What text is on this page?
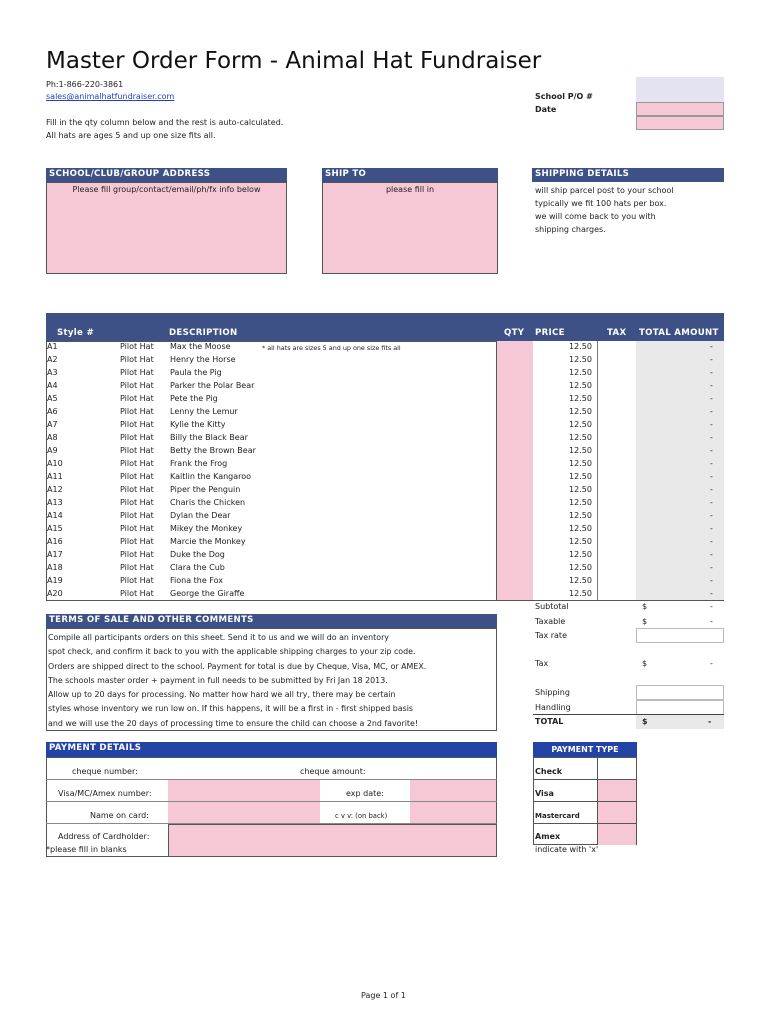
Master Order Form - Animal Hat Fundraiser
Ph:1-866-220-3861
sales@animalhatfundraiser.com
Fill in the qty column below and the rest is auto-calculated.
All hats are ages 5 and up one size fits all.
School P/O #
Date
SCHOOL/CLUB/GROUP ADDRESS
Please fill group/contact/email/ph/fx info below
SHIP TO
please fill in
SHIPPING DETAILS
will ship parcel post to your school
typically we fit 100 hats per box.
we will come back to you with
shipping charges.
Style #	DESCRIPTION	QTY PRICE	TAX TOTAL AMOUNT
* all hats are sizes 5 and up one size fits all
A1	Pilot Hat Max the Moose	12.50	-
A2	Pilot Hat Henry the Horse	12.50	-
A3	Pilot Hat Paula the Pig	12.50	-
A4	Pilot Hat Parker the Polar Bear	12.50	-
A5	Pilot Hat Pete the Pig	12.50	-
A6	Pilot Hat Lenny the Lemur	12.50	-
A7	Pilot Hat Kylie the Kitty	12.50	-
A8	Pilot Hat Billy the Black Bear	12.50	-
A9	Pilot Hat Betty the Brown Bear	12.50	-
A10	Pilot Hat Frank the Frog	12.50	-
A11	Pilot Hat Kaitlin the Kangaroo	12.50	-
A12	Pilot Hat Piper the Penguin	12.50	-
A13	Pilot Hat Charis the Chicken	12.50	-
A14	Pilot Hat Dylan the Dear	12.50	-
A15	Pilot Hat Mikey the Monkey	12.50	-
A16	Pilot Hat Marcie the Monkey	12.50	-
A17	Pilot Hat Duke the Dog	12.50	-
A18	Pilot Hat Clara the Cub	12.50	-
A19	Pilot Hat Fiona the Fox	12.50	-
A20	Pilot Hat George the Giraffe	12.50	-
Subtotal	$	-
Taxable	$	-
Tax rate
Tax	$	-
Shipping
Handling
TOTAL	$	-
TERMS OF SALE AND OTHER COMMENTS
Compile all participants orders on this sheet. Send it to us and we will do an inventory
spot check, and confirm it back to you with the applicable shipping charges to your zip code.
Orders are shipped direct to the school. Payment for total is due by Cheque, Visa, MC, or AMEX.
The schools master order + payment in full needs to be submitted by Fri Jan 18 2013.
Allow up to 20 days for processing. No matter how hard we all try, there may be certain
styles whose inventory we run low on. If this happens, it will be a first in - first shipped basis
and we will use the 20 days of processing time to ensure the child can choose a 2nd favorite!
PAYMENT DETAILS
cheque number:	cheque amount:
Visa/MC/Amex number:	exp date:
Name on card:	c v v: (on back)
Address of Cardholder:
*please fill in blanks
PAYMENT TYPE
Check
Visa
Mastercard
Amex
indicate with 'x'
Page 1 of 1
